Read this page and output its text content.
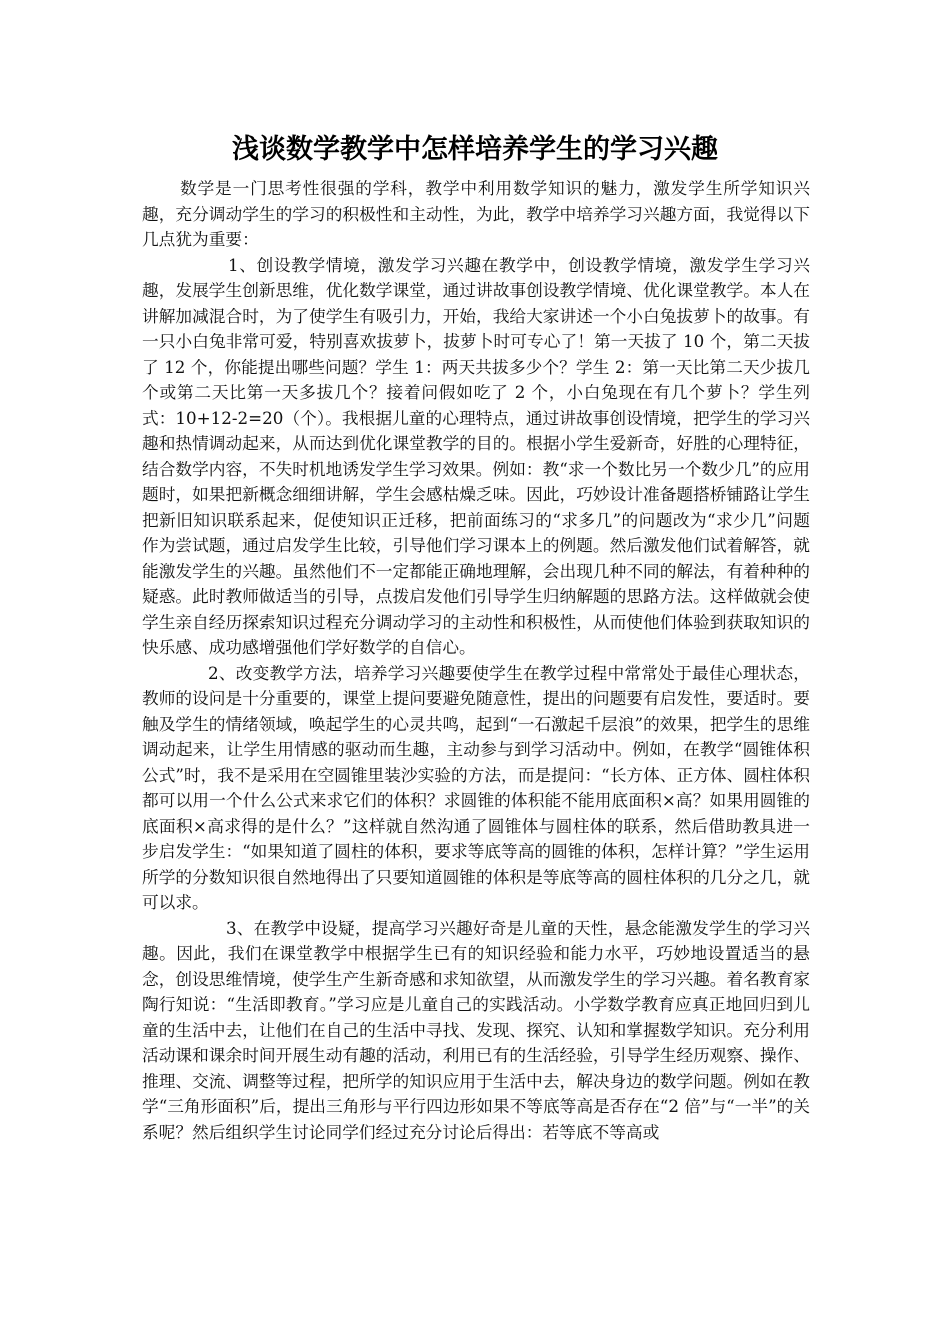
浅谈数学教学中怎样培养学生的学习兴趣

数学是一门思考性很强的学科，教学中利用数学知识的魅力，激发学生所学知识兴趣，充分调动学生的学习的积极性和主动性，为此，教学中培养学习兴趣方面，我觉得以下几点犹为重要：

1、创设教学情境，激发学习兴趣在教学中，创设教学情境，激发学生学习兴趣，发展学生创新思维，优化数学课堂，通过讲故事创设教学情境、优化课堂教学。本人在讲解加减混合时，为了使学生有吸引力，开始，我给大家讲述一个小白兔拔萝卜的故事。有一只小白兔非常可爱，特别喜欢拔萝卜，拔萝卜时可专心了！第一天拔了 10 个，第二天拔了 12 个，你能提出哪些问题？学生 1：两天共拔多少个？学生 2：第一天比第二天少拔几个或第二天比第一天多拔几个？接着问假如吃了 2 个，小白兔现在有几个萝卜？学生列式：10+12-2=20（个）。我根据儿童的心理特点，通过讲故事创设情境，把学生的学习兴趣和热情调动起来，从而达到优化课堂教学的目的。根据小学生爱新奇，好胜的心理特征，结合数学内容，不失时机地诱发学生学习效果。例如：教“求一个数比另一个数少几”的应用题时，如果把新概念细细讲解，学生会感枯燥乏味。因此，巧妙设计准备题搭桥铺路让学生把新旧知识联系起来，促使知识正迁移，把前面练习的“求多几”的问题改为“求少几”问题作为尝试题，通过启发学生比较，引导他们学习课本上的例题。然后激发他们试着解答，就能激发学生的兴趣。虽然他们不一定都能正确地理解，会出现几种不同的解法，有着种种的疑惑。此时教师做适当的引导，点拨启发他们引导学生归纳解题的思路方法。这样做就会使学生亲自经历探索知识过程充分调动学习的主动性和积极性，从而使他们体验到获取知识的快乐感、成功感增强他们学好数学的自信心。

2、改变教学方法，培养学习兴趣要使学生在教学过程中常常处于最佳心理状态，教师的设问是十分重要的，课堂上提问要避免随意性，提出的问题要有启发性，要适时。要触及学生的情绪领域，唤起学生的心灵共鸣，起到“一石激起千层浪”的效果，把学生的思维调动起来，让学生用情感的驱动而生趣，主动参与到学习活动中。例如，在教学“圆锥体积公式”时，我不是采用在空圆锥里装沙实验的方法，而是提问：“长方体、正方体、圆柱体积都可以用一个什么公式来求它们的体积？求圆锥的体积能不能用底面积×高？如果用圆锥的底面积×高求得的是什么？”这样就自然沟通了圆锥体与圆柱体的联系，然后借助教具进一步启发学生：“如果知道了圆柱的体积，要求等底等高的圆锥的体积，怎样计算？”学生运用所学的分数知识很自然地得出了只要知道圆锥的体积是等底等高的圆柱体积的几分之几，就可以求。

3、在教学中设疑，提高学习兴趣好奇是儿童的天性，悬念能激发学生的学习兴趣。因此，我们在课堂教学中根据学生已有的知识经验和能力水平，巧妙地设置适当的悬念，创设思维情境，使学生产生新奇感和求知欲望，从而激发学生的学习兴趣。着名教育家陶行知说：“生活即教育。”学习应是儿童自己的实践活动。小学数学教育应真正地回归到儿童的生活中去，让他们在自己的生活中寻找、发现、探究、认知和掌握数学知识。充分利用活动课和课余时间开展生动有趣的活动，利用已有的生活经验，引导学生经历观察、操作、推理、交流、调整等过程，把所学的知识应用于生活中去，解决身边的数学问题。例如在教学“三角形面积”后，提出三角形与平行四边形如果不等底等高是否存在“2 倍”与“一半”的关系呢？然后组织学生讨论同学们经过充分讨论后得出：若等底不等高或
